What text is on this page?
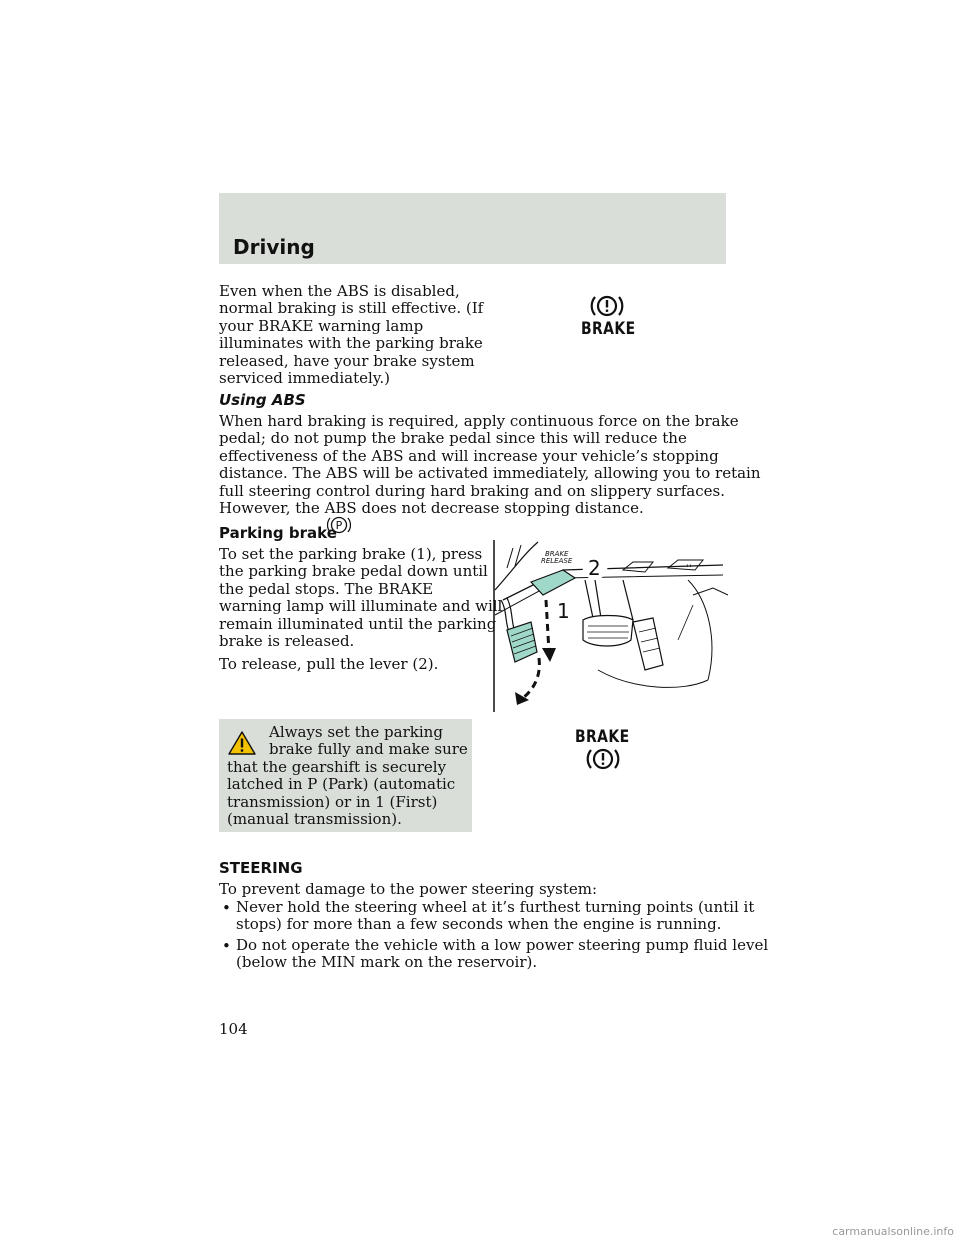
Driving
Even when the ABS is disabled,
normal braking is still effective. (If
your BRAKE warning lamp
illuminates with the parking brake
released, have your brake system
serviced immediately.)
BRAKE
Using ABS
When hard braking is required, apply continuous force on the brake
pedal; do not pump the brake pedal since this will reduce the
effectiveness of the ABS and will increase your vehicle’s stopping
distance. The ABS will be activated immediately, allowing you to retain
full steering control during hard braking and on slippery surfaces.
However, the ABS does not decrease stopping distance.
Parking brake
P
To set the parking brake (1), press
the parking brake pedal down until
the pedal stops. The BRAKE
warning lamp will illuminate and will
remain illuminated until the parking
brake is released.
To release, pull the lever (2).
↔
BRAKE
RELEASE 2
1
Always set the parking
brake fully and make sure
that the gearshift is securely
latched in P (Park) (automatic
transmission) or in 1 (First)
(manual transmission).
BRAKE
STEERING
To prevent damage to the power steering system:
• Never hold the steering wheel at it’s furthest turning points (until it
stops) for more than a few seconds when the engine is running.
• Do not operate the vehicle with a low power steering pump fluid level
(below the MIN mark on the reservoir).
104
carmanualsonline.info
